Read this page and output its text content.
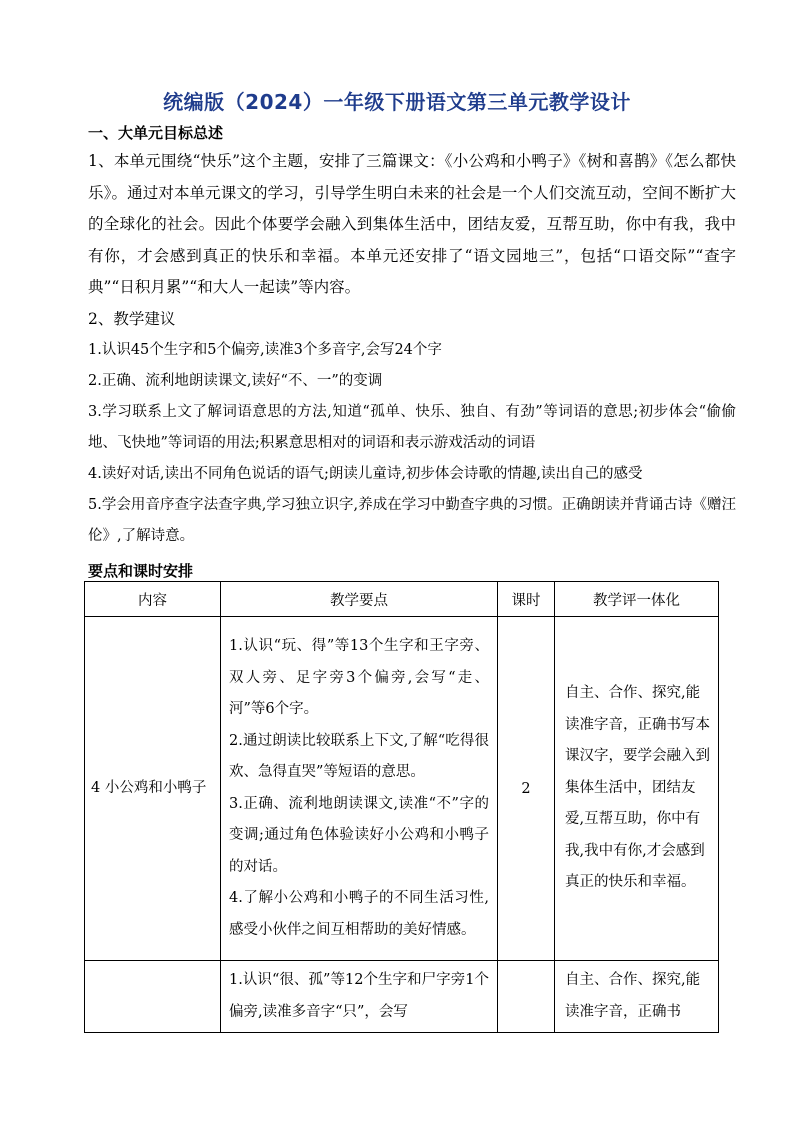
统编版（2024）一年级下册语文第三单元教学设计
一、大单元目标总述
1、本单元围绕“快乐”这个主题，安排了三篇课文：《小公鸡和小鸭子》《树和喜鹊》《怎么都快乐》。通过对本单元课文的学习，引导学生明白未来的社会是一个人们交流互动，空间不断扩大的全球化的社会。因此个体要学会融入到集体生活中，团结友爱，互帮互助，你中有我，我中有你，才会感到真正的快乐和幸福。本单元还安排了“语文园地三”，包括“口语交际”“查字典”“日积月累”“和大人一起读”等内容。
2、教学建议
1.认识45个生字和5个偏旁,读准3个多音字,会写24个字
2.正确、流利地朗读课文,读好“不、一”的变调
3.学习联系上文了解词语意思的方法,知道“孤单、快乐、独自、有劲”等词语的意思;初步体会“偷偷地、飞快地”等词语的用法;积累意思相对的词语和表示游戏活动的词语
4.读好对话,读出不同角色说话的语气;朗读儿童诗,初步体会诗歌的情趣,读出自己的感受
5.学会用音序查字法查字典,学习独立识字,养成在学习中勤查字典的习惯。正确朗读并背诵古诗《赠汪伦》,了解诗意。
要点和课时安排
内容	教学要点	课时	教学评一体化
4 小公鸡和小鸭子	1.认识“玩、得”等13个生字和王字旁、双人旁、足字旁3个偏旁,会写“走、河”等6个字。
2.通过朗读比较联系上下文,了解“吃得很欢、急得直哭”等短语的意思。
3.正确、流利地朗读课文,读准“不”字的变调;通过角色体验读好小公鸡和小鸭子的对话。
4.了解小公鸡和小鸭子的不同生活习性,感受小伙伴之间互相帮助的美好情感。	2	自主、合作、探究,能读准字音，正确书写本课汉字，要学会融入到集体生活中，团结友爱,互帮互助，你中有我,我中有你,才会感到真正的快乐和幸福。

	1.认识“很、孤”等12个生字和尸字旁1个偏旁,读准多音字“只”，会写		自主、合作、探究,能读准字音，正确书
